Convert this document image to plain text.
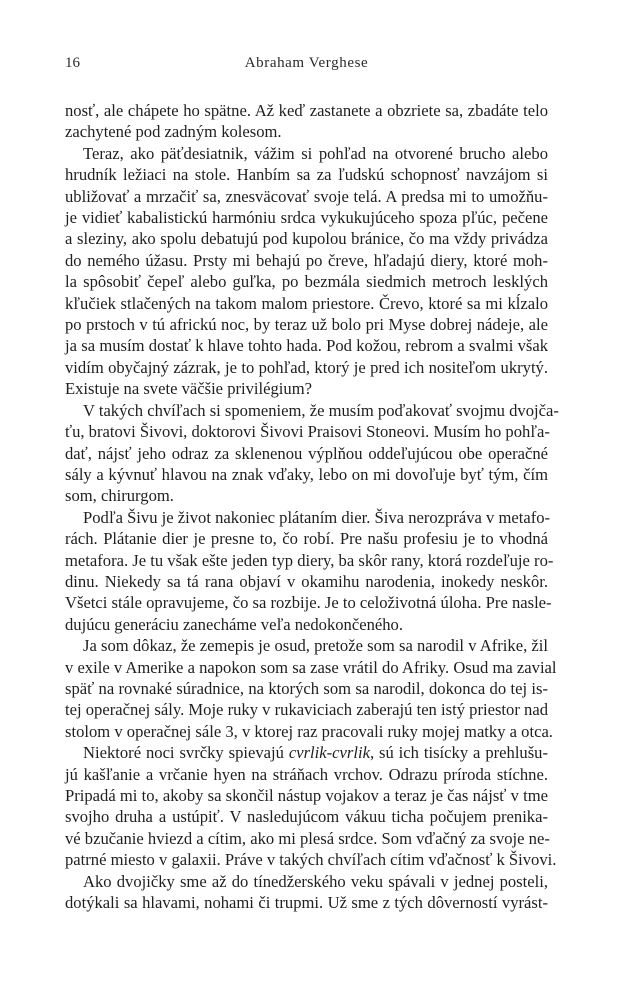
16	Abraham Verghese

nosť, ale chápete ho spätne. Až keď zastanete a obzriete sa, zbadáte telo
zachytené pod zadným kolesom.

Teraz, ako päťdesiatnik, vážim si pohľad na otvorené brucho alebo
hrudník ležiaci na stole. Hanbím sa za ľudskú schopnosť navzájom si
ubližovať a mrzačiť sa, znesväcovať svoje telá. A predsa mi to umožňu-
je vidieť kabalistickú harmóniu srdca vykukujúceho spoza pľúc, pečene
a sleziny, ako spolu debatujú pod kupolou bránice, čo ma vždy privádza
do nemého úžasu. Prsty mi behajú po čreve, hľadajú diery, ktoré moh-
la spôsobiť čepeľ alebo guľka, po bezmála siedmich metroch lesklých
kľučiek stlačených na takom malom priestore. Črevo, ktoré sa mi kĺzalo
po prstoch v tú africkú noc, by teraz už bolo pri Myse dobrej nádeje, ale
ja sa musím dostať k hlave tohto hada. Pod kožou, rebrom a svalmi však
vidím obyčajný zázrak, je to pohľad, ktorý je pred ich nositeľom ukrytý.
Existuje na svete väčšie privilégium?

V takých chvíľach si spomeniem, že musím poďakovať svojmu dvojča-
ťu, bratovi Šivovi, doktorovi Šivovi Praisovi Stoneovi. Musím ho pohľa-
dať, nájsť jeho odraz za sklenenou výplňou oddeľujúcou obe operačné
sály a kývnuť hlavou na znak vďaky, lebo on mi dovoľuje byť tým, čím
som, chirurgom.

Podľa Šivu je život nakoniec plátaním dier. Šiva nerozpráva v metafo-
rách. Plátanie dier je presne to, čo robí. Pre našu profesiu je to vhodná
metafora. Je tu však ešte jeden typ diery, ba skôr rany, ktorá rozdeľuje ro-
dinu. Niekedy sa tá rana objaví v okamihu narodenia, inokedy neskôr.
Všetci stále opravujeme, čo sa rozbije. Je to celoživotná úloha. Pre nasle-
dujúcu generáciu zanecháme veľa nedokončeného.

Ja som dôkaz, že zemepis je osud, pretože som sa narodil v Afrike, žil
v exile v Amerike a napokon som sa zase vrátil do Afriky. Osud ma zavial
späť na rovnaké súradnice, na ktorých som sa narodil, dokonca do tej is-
tej operačnej sály. Moje ruky v rukaviciach zaberajú ten istý priestor nad
stolom v operačnej sále 3, v ktorej raz pracovali ruky mojej matky a otca.

Niektoré noci svrčky spievajú cvrlik-cvrlik, sú ich tisícky a prehlušu-
jú kašľanie a vrčanie hyen na stráňach vrchov. Odrazu príroda stíchne.
Pripadá mi to, akoby sa skončil nástup vojakov a teraz je čas nájsť v tme
svojho druha a ustúpiť. V nasledujúcom vákuu ticha počujem prenika-
vé bzučanie hviezd a cítim, ako mi plesá srdce. Som vďačný za svoje ne-
patrné miesto v galaxii. Práve v takých chvíľach cítim vďačnosť k Šivovi.

Ako dvojičky sme až do tínedžerského veku spávali v jednej posteli,
dotýkali sa hlavami, nohami či trupmi. Už sme z tých dôverností vyrást-
